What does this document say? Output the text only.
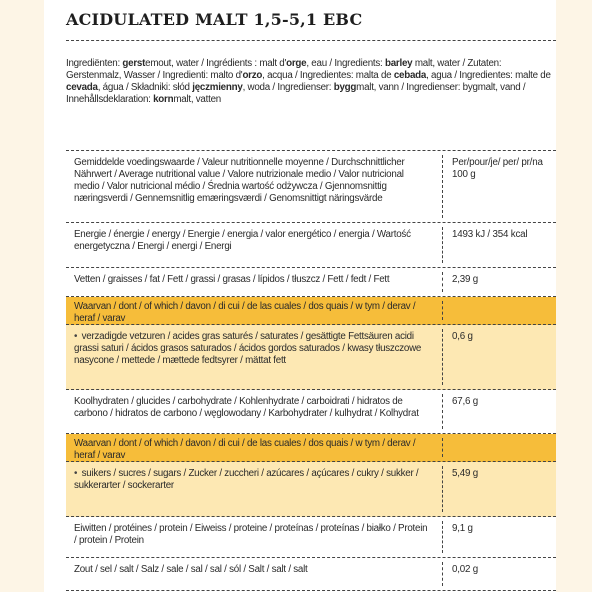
ACIDULATED MALT 1,5-5,1 EBC
Ingrediënten: gerstemout, water / Ingrédients : malt d'orge, eau / Ingredients: barley malt, water / Zutaten: Gerstenmalz, Wasser / Ingredienti: malto d'orzo, acqua / Ingredientes: malta de cebada, agua / Ingredientes: malte de cevada, água / Składniki: słód jęczmienny, woda / Ingredienser: byggmalt, vann / Ingredienser: bygmalt, vand / Innehållsdeklaration: kornmalt, vatten
Gemiddelde voedingswaarde / Valeur nutritionnelle moyenne / Durchschnittlicher Nährwert / Average nutritional value / Valore nutrizionale medio / Valor nutricional medio / Valor nutricional médio / Średnia wartość odżywcza / Gjennomsnittig næringsverdi / Gennemsnitlig emæringsværdi / Genomsnittigt näringsvärde
Per/pour/je/ per/ pr/na 100 g
Energie / énergie / energy / Energie / energia / valor energético / energia / Wartość energetyczna / Energi / energi / Energi
1493 kJ / 354 kcal
Vetten / graisses / fat / Fett / grassi / grasas / lípidos / tłuszcz / Fett / fedt / Fett	2,39 g
Waarvan / dont / of which / davon / di cui / de las cuales / dos quais / w tym / derav / heraf / varav
• verzadigde vetzuren / acides gras saturés / saturates / gesättigte Fettsäuren acidi grassi saturi / ácidos grasos saturados / ácidos gordos saturados / kwasy tłuszczowe nasycone / mettede / mættede fedtsyrer / mättat fett
0,6 g
Koolhydraten / glucides / carbohydrate / Kohlenhydrate / carboidrati / hidratos de carbono / hidratos de carbono / węglowodany / Karbohydrater / kulhydrat / Kolhydrat
67,6 g
Waarvan / dont / of which / davon / di cui / de las cuales / dos quais / w tym / derav / heraf / varav
• suikers / sucres / sugars / Zucker / zuccheri / azúcares / açúcares / cukry / sukker / sukkerarter / sockerarter
5,49 g
Eiwitten / protéines / protein / Eiweiss / proteine / proteínas / proteínas / białko / Protein / protein / Protein
9,1 g
Zout / sel / salt / Salz / sale / sal / sal / sól / Salt / salt / salt	0,02 g
